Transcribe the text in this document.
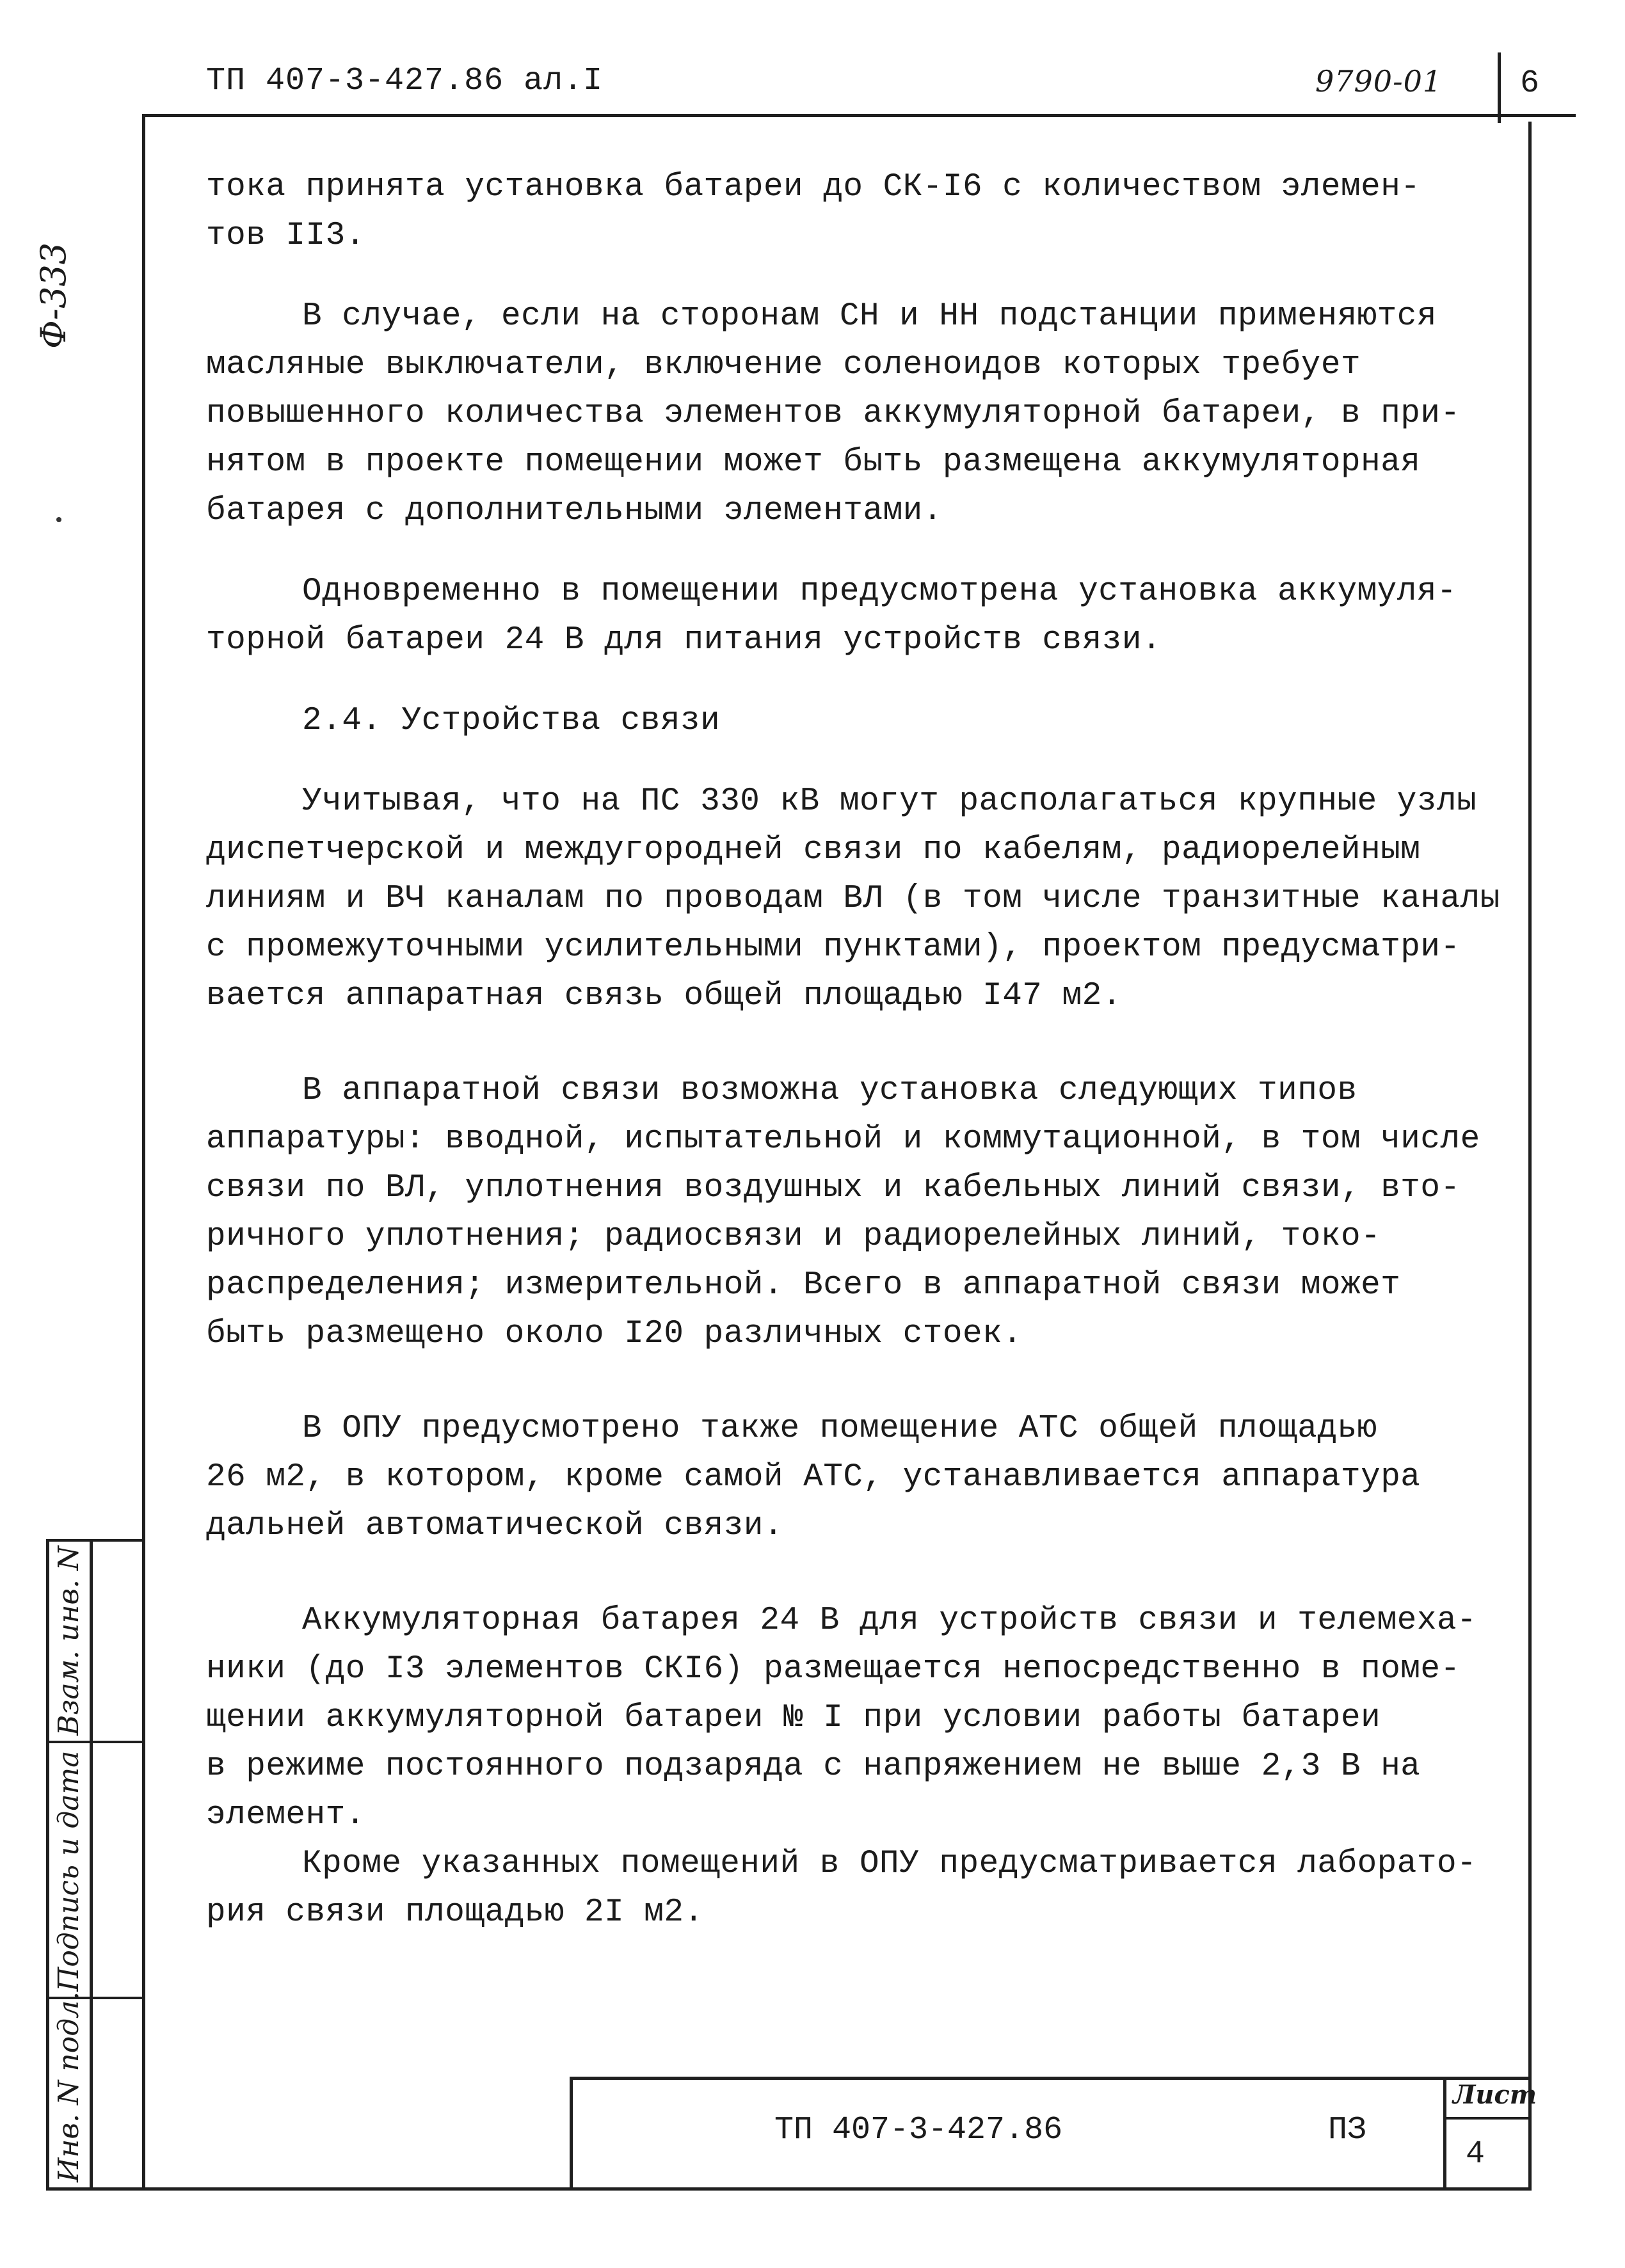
ТП 407-3-427.86 ал.I	9790-01 6
Ф-333
Взам. инв. N
Подпись и дата
Инв. N подл.

тока принята установка батареи до СК-I6 с количеством элемен-
тов II3.

В случае, если на сторонам СН и НН подстанции применяются
масляные выключатели, включение соленоидов которых требует
повышенного количества элементов аккумуляторной батареи, в при-
нятом в проекте помещении может быть размещена аккумуляторная
батарея с дополнительными элементами.

Одновременно в помещении предусмотрена установка аккумуля-
торной батареи 24 В для питания устройств связи.

2.4. Устройства связи

Учитывая, что на ПС 330 кВ могут располагаться крупные узлы
диспетчерской и междугородней связи по кабелям, радиорелейным
линиям и ВЧ каналам по проводам ВЛ (в том числе транзитные каналы
с промежуточными усилительными пунктами), проектом предусматри-
вается аппаратная связь общей площадью I47 м2.

В аппаратной связи возможна установка следующих типов
аппаратуры: вводной, испытательной и коммутационной, в том числе
связи по ВЛ, уплотнения воздушных и кабельных линий связи, вто-
ричного уплотнения; радиосвязи и радиорелейных линий, токо-
распределения; измерительной. Всего в аппаратной связи может
быть размещено около I20 различных стоек.

В ОПУ предусмотрено также помещение АТС общей площадью
26 м2, в котором, кроме самой АТС, устанавливается аппаратура
дальней автоматической связи.

Аккумуляторная батарея 24 В для устройств связи и телемеха-
ники (до I3 элементов СКI6) размещается непосредственно в поме-
щении аккумуляторной батареи № I при условии работы батареи
в режиме постоянного подзаряда с напряжением не выше 2,3 В на
элемент.

Кроме указанных помещений в ОПУ предусматривается лаборато-
рия связи площадью 2I м2.

ТП 407-3-427.86	ПЗ
Лист
4
